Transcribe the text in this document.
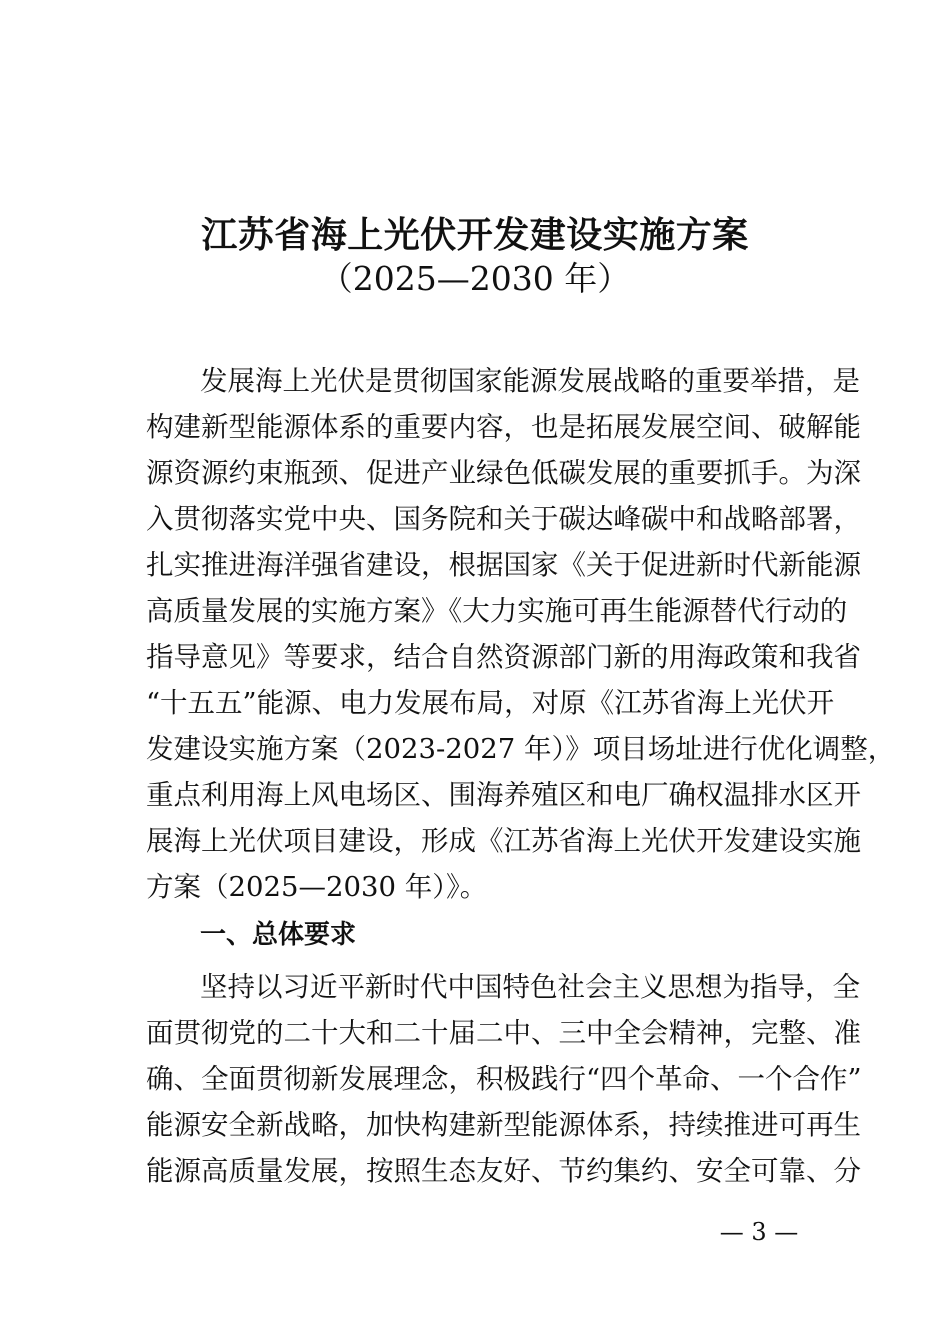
江苏省海上光伏开发建设实施方案
（2025—2030 年）
发展海上光伏是贯彻国家能源发展战略的重要举措，是
构建新型能源体系的重要内容，也是拓展发展空间、破解能
源资源约束瓶颈、促进产业绿色低碳发展的重要抓手。为深
入贯彻落实党中央、国务院和关于碳达峰碳中和战略部署，
扎实推进海洋强省建设，根据国家《关于促进新时代新能源
高质量发展的实施方案》《大力实施可再生能源替代行动的
指导意见》等要求，结合自然资源部门新的用海政策和我省
“十五五”能源、电力发展布局，对原《江苏省海上光伏开
发建设实施方案（2023-2027 年）》项目场址进行优化调整，
重点利用海上风电场区、围海养殖区和电厂确权温排水区开
展海上光伏项目建设，形成《江苏省海上光伏开发建设实施
方案（2025—2030 年）》。
一、总体要求
坚持以习近平新时代中国特色社会主义思想为指导，全
面贯彻党的二十大和二十届二中、三中全会精神，完整、准
确、全面贯彻新发展理念，积极践行“四个革命、一个合作”
能源安全新战略，加快构建新型能源体系，持续推进可再生
能源高质量发展，按照生态友好、节约集约、安全可靠、分
— 3 —
